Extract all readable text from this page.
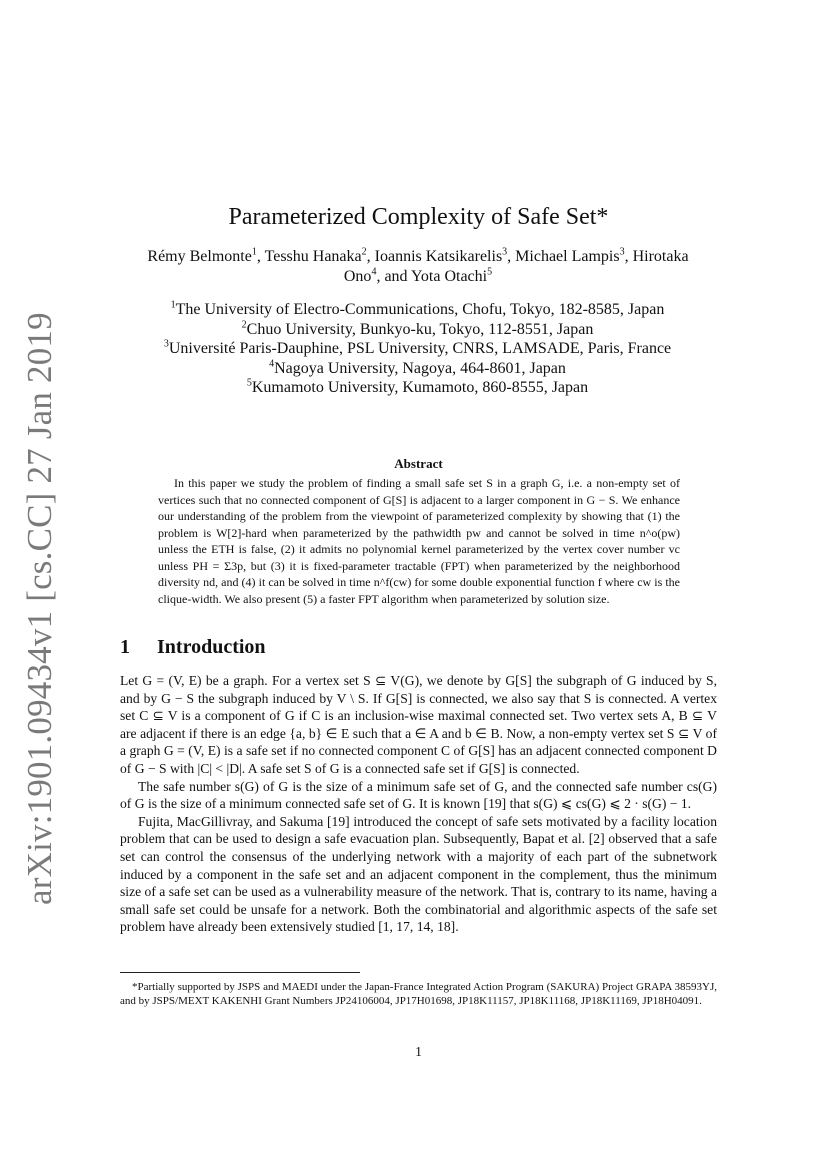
arXiv:1901.09434v1 [cs.CC] 27 Jan 2019
Parameterized Complexity of Safe Set*
Rémy Belmonte$^1$, Tesshu Hanaka$^2$, Ioannis Katsikarelis$^3$, Michael Lampis$^3$, Hirotaka
Ono$^4$, and Yota Otachi$^5$
$^1$The University of Electro-Communications, Chofu, Tokyo, 182-8585, Japan
$^2$Chuo University, Bunkyo-ku, Tokyo, 112-8551, Japan
$^3$Université Paris-Dauphine, PSL University, CNRS, LAMSADE, Paris, France
$^4$Nagoya University, Nagoya, 464-8601, Japan
$^5$Kumamoto University, Kumamoto, 860-8555, Japan
Abstract
In this paper we study the problem of finding a small safe set S in a graph G, i.e. a non-empty set of vertices such that no connected component of G[S] is adjacent to a larger component in G − S. We enhance our understanding of the problem from the viewpoint of parameterized complexity by showing that (1) the problem is W[2]-hard when parameterized by the pathwidth pw and cannot be solved in time n^o(pw) unless the ETH is false, (2) it admits no polynomial kernel parameterized by the vertex cover number vc unless PH = Σ3p, but (3) it is fixed-parameter tractable (FPT) when parameterized by the neighborhood diversity nd, and (4) it can be solved in time n^f(cw) for some double exponential function f where cw is the clique-width. We also present (5) a faster FPT algorithm when parameterized by solution size.
1 Introduction

Let G = (V, E) be a graph. For a vertex set S ⊆ V(G), we denote by G[S] the subgraph of G induced by S, and by G − S the subgraph induced by V \ S. If G[S] is connected, we also say that S is connected. A vertex set C ⊆ V is a component of G if C is an inclusion-wise maximal connected set. Two vertex sets A, B ⊆ V are adjacent if there is an edge {a, b} ∈ E such that a ∈ A and b ∈ B. Now, a non-empty vertex set S ⊆ V of a graph G = (V, E) is a safe set if no connected component C of G[S] has an adjacent connected component D of G − S with |C| < |D|. A safe set S of G is a connected safe set if G[S] is connected.

The safe number s(G) of G is the size of a minimum safe set of G, and the connected safe number cs(G) of G is the size of a minimum connected safe set of G. It is known [19] that s(G) ⩽ cs(G) ⩽ 2 · s(G) − 1.

Fujita, MacGillivray, and Sakuma [19] introduced the concept of safe sets motivated by a facility location problem that can be used to design a safe evacuation plan. Subsequently, Bapat et al. [2] observed that a safe set can control the consensus of the underlying network with a majority of each part of the subnetwork induced by a component in the safe set and an adjacent component in the complement, thus the minimum size of a safe set can be used as a vulnerability measure of the network. That is, contrary to its name, having a small safe set could be unsafe for a network. Both the combinatorial and algorithmic aspects of the safe set problem have already been extensively studied [1, 17, 14, 18].

*Partially supported by JSPS and MAEDI under the Japan-France Integrated Action Program (SAKURA) Project GRAPA 38593YJ, and by JSPS/MEXT KAKENHI Grant Numbers JP24106004, JP17H01698, JP18K11157, JP18K11168, JP18K11169, JP18H04091.
1
